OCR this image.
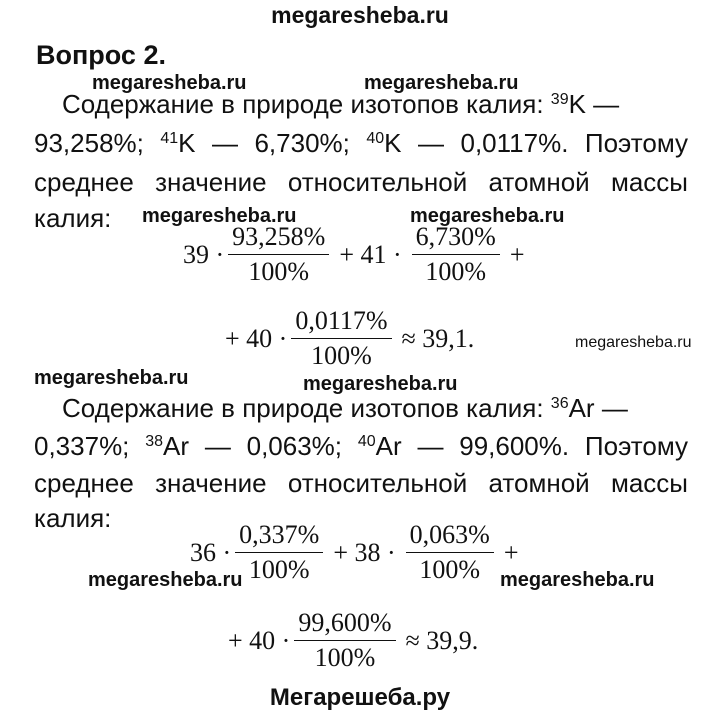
megaresheba.ru
Вопрос 2.
megaresheba.ru	megaresheba.ru
megaresheba.ru	megaresheba.ru
megaresheba.ru
megaresheba.ru	megaresheba.ru
megaresheba.ru	megaresheba.ru
Содержание в природе изотопов калия: $^{39}$K —
93,258%; $^{41}$K — 6,730%; $^{40}$K — 0,0117%. Поэтому
среднее значение относительной атомной массы
калия:
$39 \cdot \frac{93,258\%}{100\%} + 41 \cdot \frac{6,730\%}{100\%}$ +
+ $40 \cdot \frac{0,0117\%}{100\%} \approx 39,1$.
Содержание в природе изотопов калия: $^{36}$Ar —
0,337%; $^{38}$Ar — 0,063%; $^{40}$Ar — 99,600%. Поэтому
среднее значение относительной атомной массы
калия:
$36 \cdot \frac{0,337\%}{100\%} + 38 \cdot \frac{0,063\%}{100\%}$ +
+ $40 \cdot \frac{99,600\%}{100\%} \approx 39,9$.
Мегарешеба.ру
